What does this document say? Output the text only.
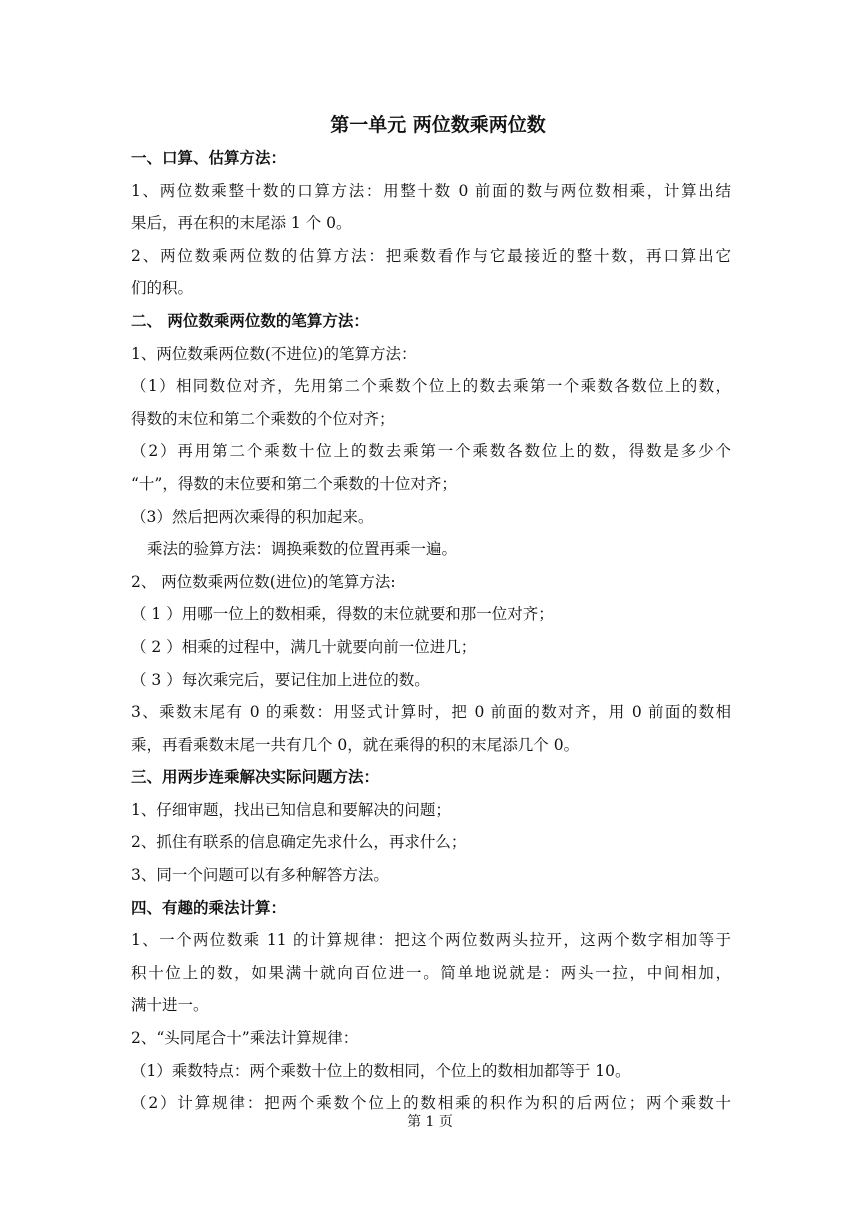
第一单元 两位数乘两位数

一、口算、估算方法：

1、两位数乘整十数的口算方法：用整十数 0 前面的数与两位数相乘，计算出结

果后，再在积的末尾添 1 个 0。

2、两位数乘两位数的估算方法：把乘数看作与它最接近的整十数，再口算出它

们的积。

二、 两位数乘两位数的笔算方法：

1、两位数乘两位数(不进位)的笔算方法：

（1）相同数位对齐，先用第二个乘数个位上的数去乘第一个乘数各数位上的数，

得数的末位和第二个乘数的个位对齐；

（2）再用第二个乘数十位上的数去乘第一个乘数各数位上的数，得数是多少个

“十”，得数的末位要和第二个乘数的十位对齐；

（3）然后把两次乘得的积加起来。

乘法的验算方法：调换乘数的位置再乘一遍。

2、 两位数乘两位数(进位)的笔算方法:

（ 1 ）用哪一位上的数相乘，得数的末位就要和那一位对齐；

（ 2 ）相乘的过程中，满几十就要向前一位进几；

（ 3 ）每次乘完后，要记住加上进位的数。

3、乘数末尾有 0 的乘数：用竖式计算时，把 0 前面的数对齐，用 0 前面的数相

乘，再看乘数末尾一共有几个 0，就在乘得的积的末尾添几个 0。

三、用两步连乘解决实际问题方法：

1、仔细审题，找出已知信息和要解决的问题；

2、抓住有联系的信息确定先求什么，再求什么；

3、同一个问题可以有多种解答方法。

四、有趣的乘法计算：

1、一个两位数乘 11 的计算规律：把这个两位数两头拉开，这两个数字相加等于

积十位上的数，如果满十就向百位进一。简单地说就是：两头一拉，中间相加，

满十进一。

2、“头同尾合十”乘法计算规律：

（1）乘数特点：两个乘数十位上的数相同，个位上的数相加都等于 10。

（2）计算规律：把两个乘数个位上的数相乘的积作为积的后两位；两个乘数十

第 1 页
